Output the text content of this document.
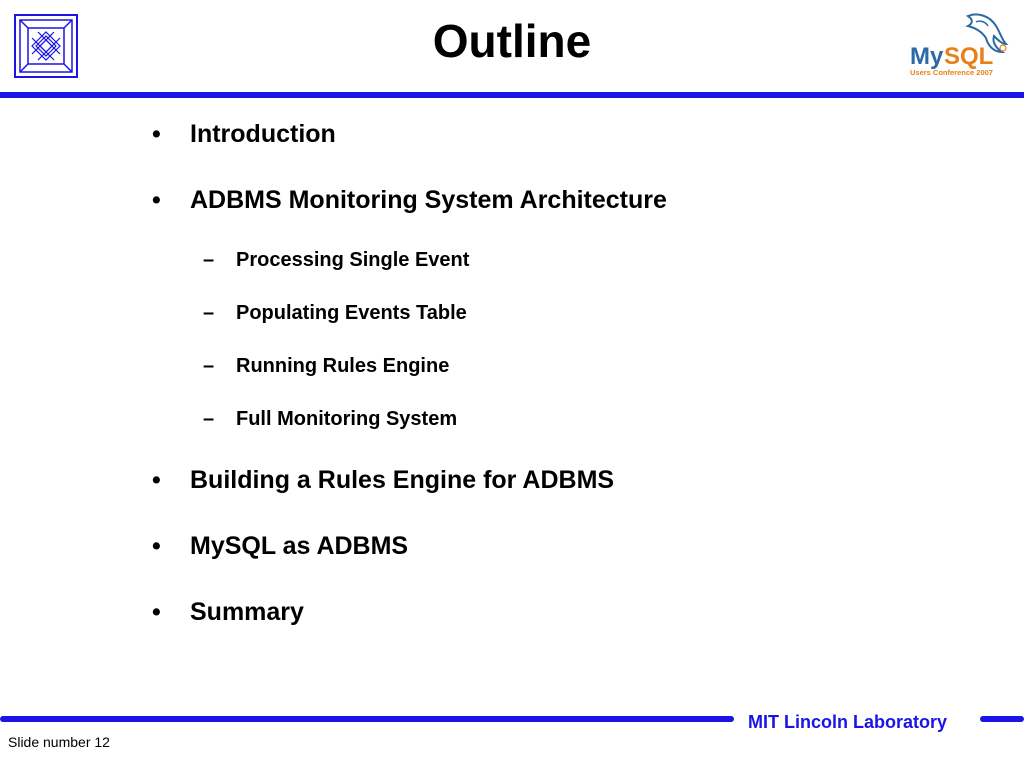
Outline	My SQL
Users Conference 2007
• Introduction
• ADBMS Monitoring System Architecture
– Processing Single Event
– Populating Events Table
– Running Rules Engine
– Full Monitoring System
• Building a Rules Engine for ADBMS
• MySQL as ADBMS
• Summary
MIT Lincoln Laboratory
Slide number 12
